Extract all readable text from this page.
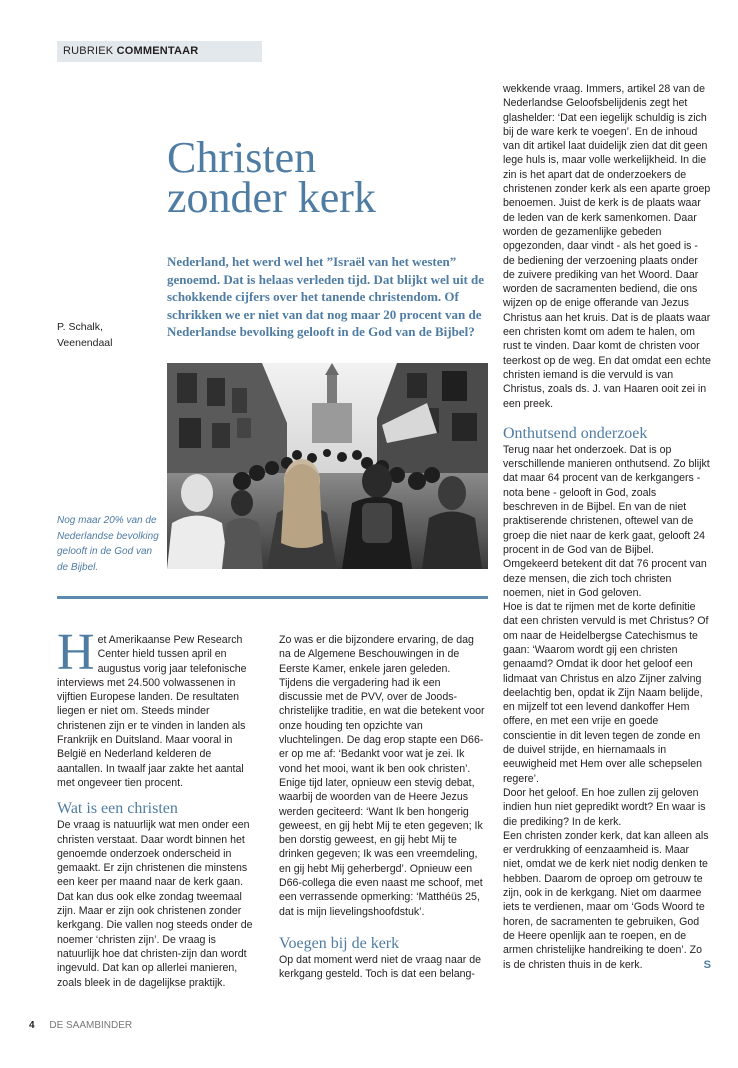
RUBRIEK COMMENTAAR
Christen
zonder kerk

Nederland, het werd wel het ”Israël van het westen” genoemd. Dat is helaas verleden tijd. Dat blijkt wel uit de schokkende cijfers over het tanende christendom. Of schrikken we er niet van dat nog maar 20 procent van de Nederlandse bevolking gelooft in de God van de Bijbel?

P. Schalk,
Veenendaal
Nog maar 20% van de Nederlandse bevolking gelooft in de God van de Bijbel.

Het Amerikaanse Pew Research Center hield tussen april en augustus vorig jaar telefonische interviews met 24.500 volwassenen in vijftien Europese landen. De resultaten liegen er niet om. Steeds minder christenen zijn er te vinden in landen als Frankrijk en Duitsland. Maar vooral in België en Nederland kelderen de aantallen. In twaalf jaar zakte het aantal met ongeveer tien procent.

Wat is een christen

De vraag is natuurlijk wat men onder een christen verstaat. Daar wordt binnen het genoemde onderzoek onderscheid in gemaakt. Er zijn christenen die minstens een keer per maand naar de kerk gaan. Dat kan dus ook elke zondag tweemaal zijn. Maar er zijn ook christenen zonder kerkgang. Die vallen nog steeds onder de noemer ‘christen zijn’. De vraag is natuurlijk hoe dat christen-zijn dan wordt ingevuld. Dat kan op allerlei manieren, zoals bleek in de dagelijkse praktijk.

Zo was er die bijzondere ervaring, de dag na de Algemene Beschouwingen in de Eerste Kamer, enkele jaren geleden. Tijdens die vergadering had ik een discussie met de PVV, over de Joods-christelijke traditie, en wat die betekent voor onze houding ten opzichte van vluchtelingen. De dag erop stapte een D66-er op me af: ‘Bedankt voor wat je zei. Ik vond het mooi, want ik ben ook christen’.

Enige tijd later, opnieuw een stevig debat, waarbij de woorden van de Heere Jezus werden geciteerd: ‘Want Ik ben hongerig geweest, en gij hebt Mij te eten gegeven; Ik ben dorstig geweest, en gij hebt Mij te drinken gegeven; Ik was een vreemdeling, en gij hebt Mij geherbergd’. Opnieuw een D66-collega die even naast me schoof, met een verrassende opmerking: ‘Matthéüs 25, dat is mijn lievelingshoofdstuk’.

Voegen bij de kerk

Op dat moment werd niet de vraag naar de kerkgang gesteld. Toch is dat een belang-

wekkende vraag. Immers, artikel 28 van de Nederlandse Geloofsbelijdenis zegt het glashelder: ‘Dat een iegelijk schuldig is zich bij de ware kerk te voegen’. En de inhoud van dit artikel laat duidelijk zien dat dit geen lege huls is, maar volle werkelijkheid. In die zin is het apart dat de onderzoekers de christenen zonder kerk als een aparte groep benoemen. Juist de kerk is de plaats waar de leden van de kerk samenkomen. Daar worden de gezamenlijke gebeden opgezonden, daar vindt - als het goed is - de bediening der verzoening plaats onder de zuivere prediking van het Woord. Daar worden de sacramenten bediend, die ons wijzen op de enige offerande van Jezus Christus aan het kruis. Dat is de plaats waar een christen komt om adem te halen, om rust te vinden. Daar komt de christen voor teerkost op de weg. En dat omdat een echte christen iemand is die vervuld is van Christus, zoals ds. J. van Haaren ooit zei in een preek.

Onthutsend onderzoek

Terug naar het onderzoek. Dat is op verschillende manieren onthutsend. Zo blijkt dat maar 64 procent van de kerkgangers - nota bene - gelooft in God, zoals beschreven in de Bijbel. En van de niet praktiserende christenen, oftewel van de groep die niet naar de kerk gaat, gelooft 24 procent in de God van de Bijbel. Omgekeerd betekent dit dat 76 procent van deze mensen, die zich toch christen noemen, niet in God geloven.

Hoe is dat te rijmen met de korte definitie dat een christen vervuld is met Christus? Of om naar de Heidelbergse Catechismus te gaan: ‘Waarom wordt gij een christen genaamd? Omdat ik door het geloof een lidmaat van Christus en alzo Zijner zalving deelachtig ben, opdat ik Zijn Naam belijde, en mijzelf tot een levend dankoffer Hem offere, en met een vrije en goede conscientie in dit leven tegen de zonde en de duivel strijde, en hiernamaals in eeuwigheid met Hem over alle schepselen regere’.

Door het geloof. En hoe zullen zij geloven indien hun niet gepredikt wordt? En waar is die prediking? In de kerk.

Een christen zonder kerk, dat kan alleen als er verdrukking of eenzaamheid is. Maar niet, omdat we de kerk niet nodig denken te hebben. Daarom de oproep om getrouw te zijn, ook in de kerkgang. Niet om daarmee iets te verdienen, maar om ‘Gods Woord te horen, de sacramenten te gebruiken, God de Heere openlijk aan te roepen, en de armen christelijke handreiking te doen’. Zo is de christen thuis in de kerk.	S

4 DE SAAMBINDER
